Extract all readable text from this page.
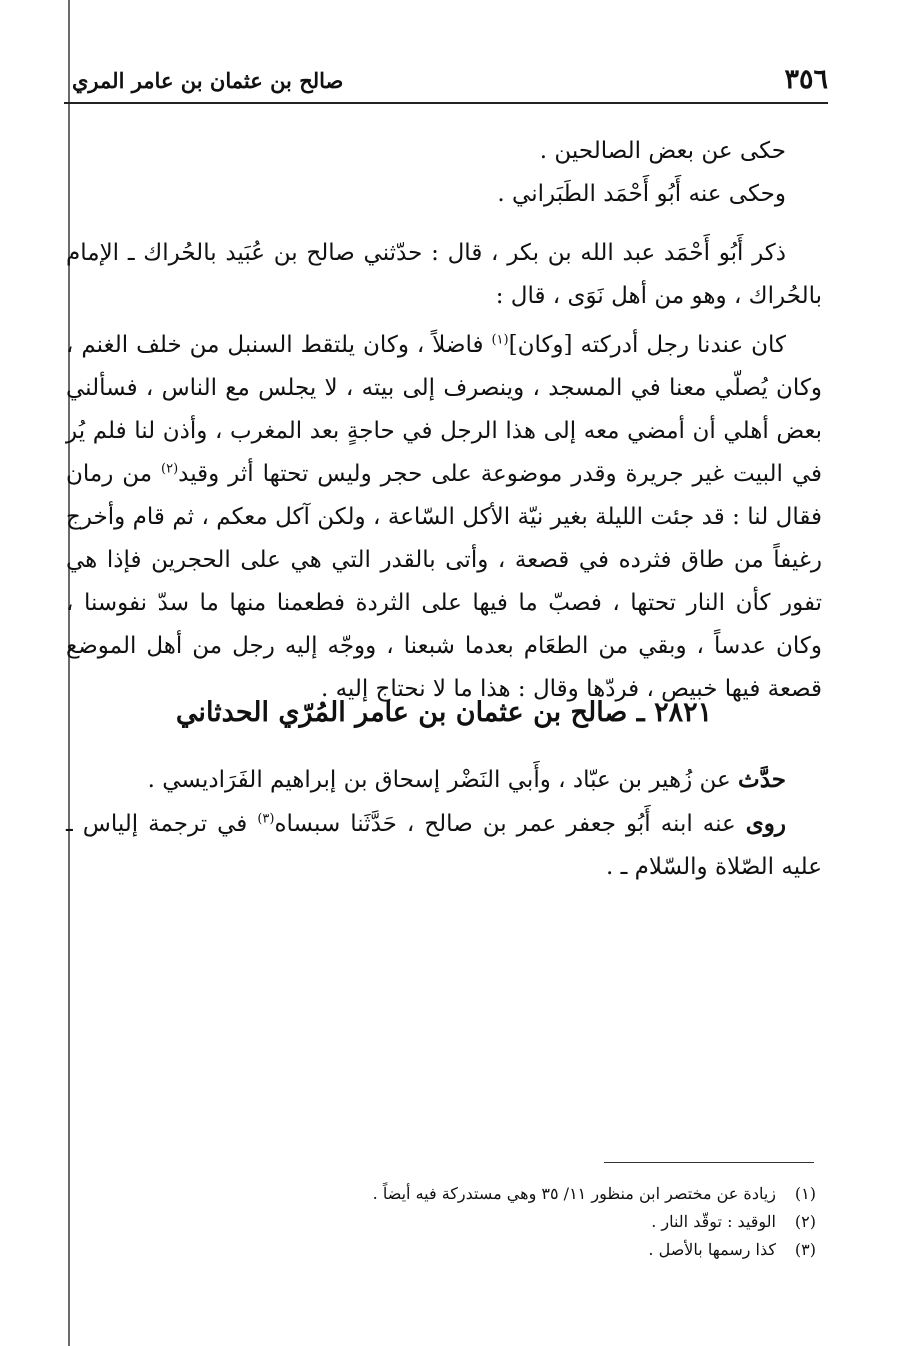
٣٥٦
صالح بن عثمان بن عامر المري
حكى عن بعض الصالحين .
وحكى عنه أَبُو أَحْمَد الطَبَراني .

ذكر أَبُو أَحْمَد عبد الله بن بكر ، قال : حدّثني صالح بن عُبَيد بالحُراك ـ الإمام بالحُراك ، وهو من أهل نَوَى ، قال :

كان عندنا رجل أدركته [وكان]$^{(١)}$ فاضلاً ، وكان يلتقط السنبل من خلف الغنم ، وكان يُصلّي معنا في المسجد ، وينصرف إلى بيته ، لا يجلس مع الناس ، فسألني بعض أهلي أن أمضي معه إلى هذا الرجل في حاجةٍ بعد المغرب ، وأذن لنا فلم يُر في البيت غير جريرة وقدر موضوعة على حجر وليس تحتها أثر وقيد$^{(٢)}$ من رمان فقال لنا : قد جئت الليلة بغير نيّة الأكل السّاعة ، ولكن آكل معكم ، ثم قام وأخرج رغيفاً من طاق فثرده في قصعة ، وأتى بالقدر التي هي على الحجرين فإذا هي تفور كأن النار تحتها ، فصبّ ما فيها على الثردة فطعمنا منها ما سدّ نفوسنا ، وكان عدساً ، وبقي من الطعَام بعدما شبعنا ، ووجّه إليه رجل من أهل الموضع قصعة فيها خبيص ، فردّها وقال : هذا ما لا نحتاج إليه .

٢٨٢١ ـ صالح بن عثمان بن عامر المُرّي الحدثاني

حدَّث عن زُهير بن عبّاد ، وأَبي النَضْر إسحاق بن إبراهيم الفَرَاديسي .

روى عنه ابنه أَبُو جعفر عمر بن صالح ، حَدَّثَنا سبساه$^{(٣)}$ في ترجمة إلياس ـ عليه الصّلاة والسّلام ـ .

(١)زيادة عن مختصر ابن منظور ١١/ ٣٥ وهي مستدركة فيه أيضاً .
(٢)الوقيد : توقّد النار .
(٣)كذا رسمها بالأصل .
